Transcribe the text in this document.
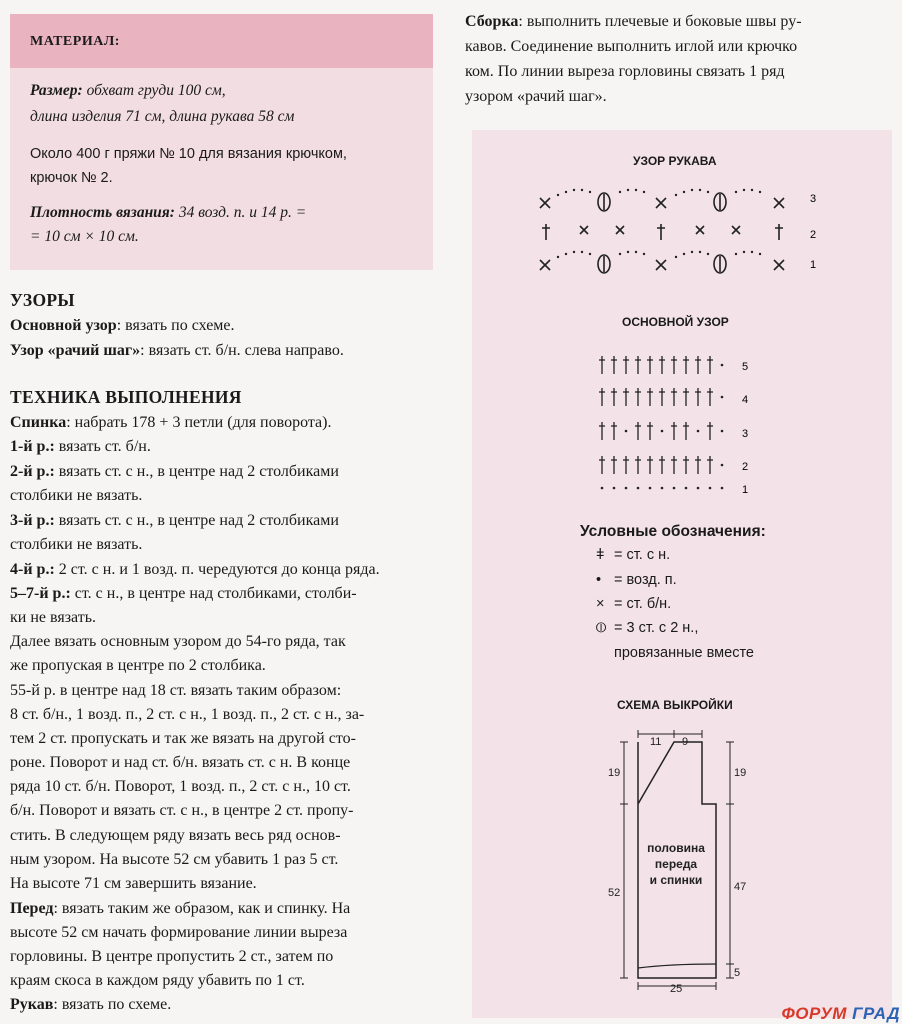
МАТЕРИАЛ:
Размер: обхват груди 100 см,
длина изделия 71 см, длина рукава 58 см
Около 400 г пряжи № 10 для вязания крючком,
крючок № 2.
Плотность вязания: 34 возд. п. и 14 р. =
= 10 см × 10 см.
УЗОРЫ
Основной узор: вязать по схеме.
Узор «рачий шаг»: вязать ст. б/н. слева направо.
ТЕХНИКА ВЫПОЛНЕНИЯ
Спинка: набрать 178 + 3 петли (для поворота).
1-й р.: вязать ст. б/н.
2-й р.: вязать ст. с н., в центре над 2 столбиками
столбики не вязать.
3-й р.: вязать ст. с н., в центре над 2 столбиками
столбики не вязать.
4-й р.: 2 ст. с н. и 1 возд. п. чередуются до конца ряда.
5–7-й р.: ст. с н., в центре над столбиками, столби-
ки не вязать.
Далее вязать основным узором до 54-го ряда, так
же пропуская в центре по 2 столбика.
55-й р. в центре над 18 ст. вязать таким образом:
8 ст. б/н., 1 возд. п., 2 ст. с н., 1 возд. п., 2 ст. с н., за-
тем 2 ст. пропускать и так же вязать на другой сто-
роне. Поворот и над ст. б/н. вязать ст. с н. В конце
ряда 10 ст. б/н. Поворот, 1 возд. п., 2 ст. с н., 10 ст.
б/н. Поворот и вязать ст. с н., в центре 2 ст. пропу-
стить. В следующем ряду вязать весь ряд основ-
ным узором. На высоте 52 см убавить 1 раз 5 ст.
На высоте 71 см завершить вязание.
Перед: вязать таким же образом, как и спинку. На
высоте 52 см начать формирование линии выреза
горловины. В центре пропустить 2 ст., затем по
краям скоса в каждом ряду убавить по 1 ст.
Рукав: вязать по схеме.
Сборка: выполнить плечевые и боковые швы ру-
кавов. Соединение выполнить иглой или крючко
ком. По линии выреза горловины связать 1 ряд
узором «рачий шаг».
УЗОР РУКАВА
3
2
1
ОСНОВНОЙ УЗОР
5
4
3
2
1
Условные обозначения:
ǂ = ст. с н.
• = возд. п.
× = ст. б/н.
⦶ = 3 ст. с 2 н.,
провязанные вместе
СХЕМА ВЫКРОЙКИ
11 9
19	19
52	47
5
25
половина
переда
и спинки
ФОРУМ ГРАД
